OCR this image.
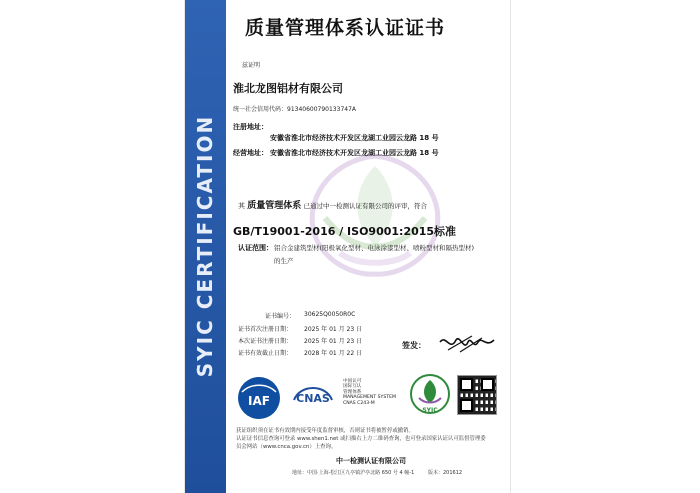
SYIC CERTIFICATION
质量管理体系认证证书
兹证明
淮北龙图铝材有限公司
统一社会信用代码：91340600790133747A
注册地址：
安徽省淮北市经济技术开发区龙湖工业园云龙路 18 号
经营地址： 安徽省淮北市经济技术开发区龙湖工业园云龙路 18 号
其 质量管理体系 已通过中一检测认证有限公司的评审，符合
GB/T19001-2016 / ISO9001:2015标准
认证范围： 铝合金建筑型材(阳极氧化型材、电泳涂漆型材、喷粉型材和隔热型材)
的生产
证书编号： 30625Q0050R0C
证书首次注册日期： 2025 年 01 月 23 日
本次证书注册日期： 2025 年 01 月 23 日
证书有效截止日期： 2028 年 01 月 22 日
签发：
IAF CNAS
中国认可
国际互认
管理体系
MANAGEMENT SYSTEM
CNAS C243-M
SYIC
获证组织须在证书有效期内接受年度监督审核，否则证书将被暂停或撤销。
认证证书信息查询可登录 www.shen1.net 或扫描右上方二维码查询，也可登录国家认证认可监督管理委
员会网站（www.cnca.gov.cn）上查询。
中一检测认证有限公司
地址：中国·上海·松江区九亭镇沪亭北路 650 号 4 幢-1	版本：201612
